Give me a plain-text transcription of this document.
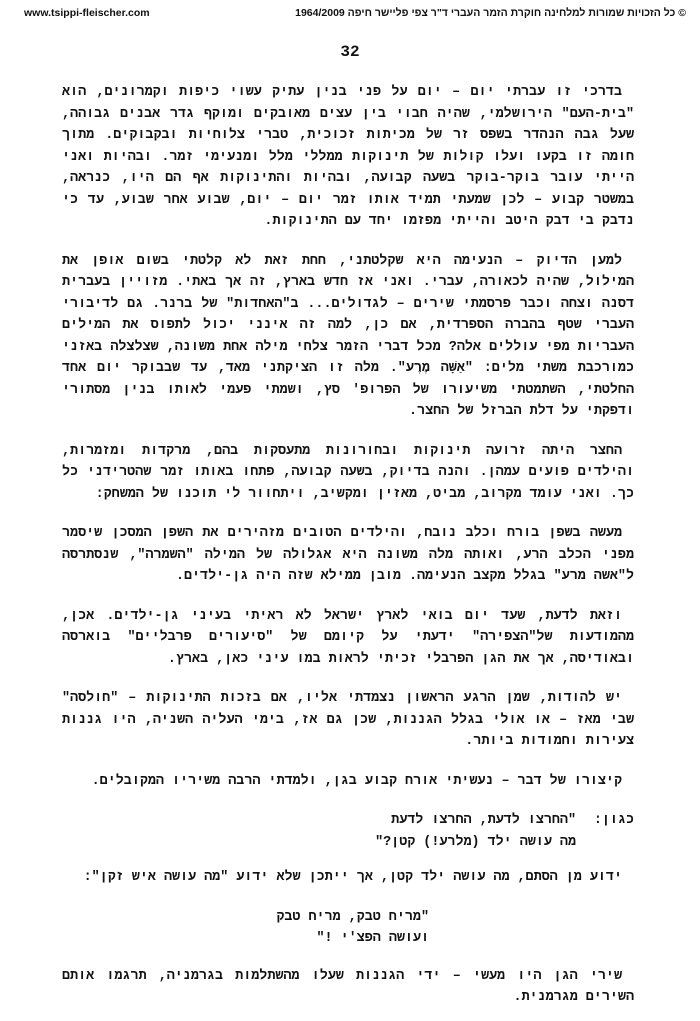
www.tsippi-fleischer.com	© כל הזכויות שמורות למלחינה חוקרת הזמר העברי ד"ר צפי פליישר חיפה 1964/2009
32

בדרכי זו עברתי יום – יום על פני בנין עתיק עשוי כיפות וקמרונים, הוא "בית-העם" הירושלמי, שהיה חבוי בין עצים מאובקים ומוקף גדר אבנים גבוהה, שעל גבה הנהדר בשפס זר של מכיתות זכוכית, טברי צלוחיות ובקבוקים. מתוך חומה זו בקעו ועלו קולות של תינוקות ממללי מלל ומנעימי זמר. ובהיות ואני הייתי עובר בוקר-בוקר בשעה קבועה, ובהיות והתינוקות אף הם היו, כנראה, במשטר קבוע – לכן שמעתי תמיד אותו זמר יום – יום, שבוע אחר שבוע, עד כי נדבק בי דבק היטב והייתי מפזמו יחד עם התינוקות.

למען הדיוק – הנעימה היא שקלטתני, חחת זאת לא קלטתי בשום אופן את המילול, שהיה לכאורה, עברי. ואני אז חדש בארץ, זה אך באתי. מזויין בעברית דסנה וצחה וכבר פרסמתי שירים – לגדולים... ב"האחדות" של ברנר. גם לדיבורי העברי שטף בהברה הספרדית, אם כן, למה זה אינני יכול לתפוס את המילים העבריות מפי עוללים אלה? מכל דברי הזמר צלחי מילה אחת משונה, שצלצלה באזני כמורכבת משתי מלים: "אַשָּׁה מֶרֶע". מלה זו הציקתני מאד, עד שבבוקר יום אחד החלטתי, השתמטתי משיעורו של הפרופ' סץ, ושמתי פעמי לאותו בנין מסתורי ודפקתי על דלת הברזל של החצר.

החצר היתה זרועה תינוקות ובחורונות מתעסקות בהם, מרקדות ומזמרות, והילדים פועים עמהן. והנה בדיוק, בשעה קבועה, פתחו באותו זמר שהטרידני כל כך. ואני עומד מקרוב, מביט, מאזין ומקשיב, ויתחוור לי תוכנו של המשחק:

מעשה בשפן בורח וכלב נובח, והילדים הטובים מזהירים את השפן המסכן שיסמר מפני הכלב הרע, ואותה מלה משונה היא אגלולה של המילה "השמרה", שנסתרסה ל"אשה מרע" בגלל מקצב הנעימה. מובן ממילא שזה היה גן-ילדים.

וזאת לדעת, שעד יום בואי לארץ ישראל לא ראיתי בעיני גן-ילדים. אכן, מהמודעות של"הצפירה" ידעתי על קיומם של "סיעורים פרבליים" בוארסה ובאודיסה, אך את הגן הפרבלי זכיתי לראות במו עיני כאן, בארץ.

יש להודות, שמן הרגע הראשון נצמדתי אליו, אם בזכות התינוקות – "חולסה" שבי מאז – או אולי בגלל הגננות, שכן גם אז, בימי העליה השניה, היו גננות צעירות וחמודות ביותר.

קיצורו של דבר – נעשיתי אורח קבוע בגן, ולמדתי הרבה משיריו המקובלים.

כגון:
"החרצו לדעת, החרצו לדעת
מה עושה ילד (מלרע!) קטן?"

ידוע מן הסתם, מה עושה ילד קטן, אך ייתכן שלא ידוע "מה עושה איש זקן":

"מריח טבק, מריח טבק
ועושה הפצ'י !"

שירי הגן היו מעשי – ידי הגננות שעלו מהשתלמות בגרמניה, תרגמו אותם השירים מגרמנית.
